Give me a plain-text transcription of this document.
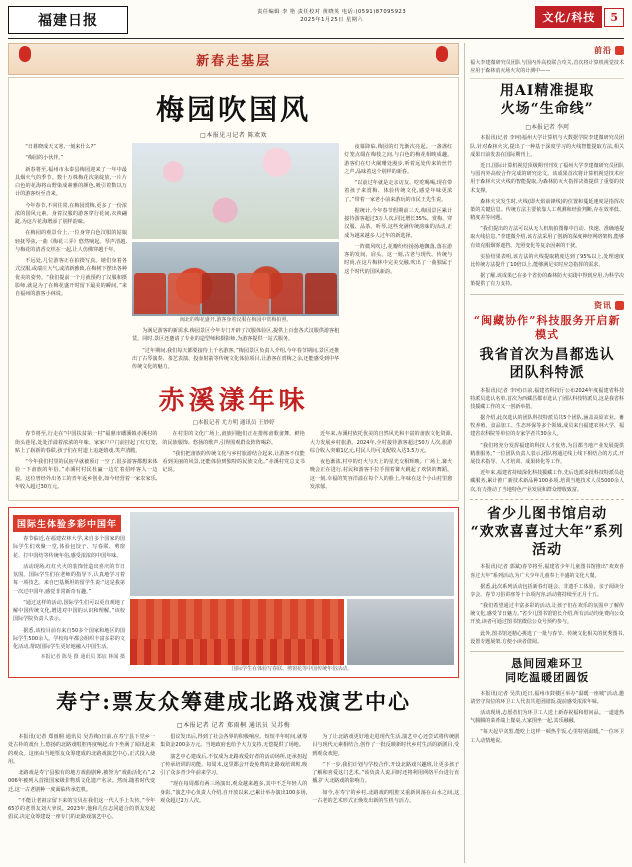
福建日报
责任编辑 李 艳 责任校对 黄晓英 电话:(0591)87095923
2025年1月25日 星期六	文化/科技	5
新春走基层
梅园吹国风
□本报见习记者 陈欢欢

“日暮晓成天又寒,一刻来什么?”

“梅园的小伙伴。”

新春将至,福州市永泰县梅园迎来了一年中最具烟火气的季节。数十万株梅花次第绽放,一片片白色的花海将山野染成素雅的颜色,吸引着数以万计的游客纷至沓来。

今年春节,不同往常,在梅园赏梅,更多了一份浓浓的国风元素。身着汉服的游客穿行花间,衣袂翩跹,为这片花海增添了别样韵味。

在梅园的观景台上,一位身穿白色汉服的姑娘轻抚琴弦,一曲《梅花三弄》悠然响起。琴声清越,与梅花的清香交织在一起,让人仿佛穿越千年。

不远处,几位游客正在拍摄写真。她们身着各式汉服,或端庄大气,或清新雅致,在梅树下摆出各种优美的姿势。“我们提前一个月就预约了汉服和摄影师,就是为了在梅花盛开时留下最美的瞬间。”来自福州的游客小林说。

闽北的梅花盛开,游客身着汉服在梅园中赏梅拍照。

为满足游客的新需求,梅园景区今年专门开辟了汉服体验区,提供上百套各式汉服供游客租赁。同时,景区还邀请了专业的造型师和摄影师,为游客提供一站式服务。

“过年期间,我们每天都要接待上千名游客。”梅园景区负责人介绍,今年春节期间,景区还推出了古琴演奏、茶艺表演、投壶射箭等传统文化体验项目,让游客在赏梅之余,还能感受到中华传统文化的魅力。

夜幕降临,梅园的灯光渐次亮起。一盏盏红灯笼点缀在梅枝之间,与白色的梅花相映成趣。游客们在灯火阑珊处漫步,听着远处传来的丝竹之声,品味着这个别样的新春。

“以前过年就是走亲访友、吃吃喝喝,现在带着孩子来赏梅、体验传统文化,感觉年味更浓了。”带着一家老小前来游玩的市民王先生说。

据统计,今年春节假期前三天,梅园景区累计接待游客超过3万人次,同比增长35%。赏梅、穿汉服、品茶、听琴,这些充满传统韵味的活动,正成为越来越多人过年的新选择。

一阵微风吹过,花瓣纷纷扬扬地飘落,落在游客的发间、肩头。这一刻,古老与现代、传统与时尚,在这片梅林中完美交融,吹出了一曲独属于这个时代的国风新韵。

赤溪漾年味
□本报记者 尤方明 通讯员 王妙婷

春节将至,行走在“中国扶贫第一村”福鼎市磻溪镇赤溪村的街头巷尾,处处洋溢着浓浓的年味。家家户户门前挂起了红灯笼,贴上了崭新的春联,孩子们在村道上追逐嬉戏,笑声清脆。

“今年我们村里的民宿早就被预订一空了,很多游客都想来体验一下畲族的年俗。”赤溪村村民杜赢一边忙着招呼客人一边说。这位曾经外出务工的青年返乡创业,如今经营着一家农家乐,年收入超过30万元。

在村里的文化广场上,畲族同胞们正在排练畲歌畲舞。鲜艳的民族服饰、悠扬的歌声,引得围观群众阵阵喝彩。

“我们把畲族的传统文化与乡村旅游结合起来,让游客不仅能看到美丽的风景,还能体验到独特的民族文化。”赤溪村党总支书记说。

近年来,赤溪村依托优美的自然风光和丰富的畲族文化资源,大力发展乡村旅游。2024年,全村接待游客超过50万人次,旅游综合收入突破1亿元,村民人均可支配收入达3.5万元。

夜色渐浓,村中的灯火与天上的星光交相辉映。广场上,篝火晚会正在进行,村民和游客手拉手围着篝火跳起了欢快的舞蹈。这一刻,幸福的笑容洋溢在每个人的脸上,年味在这个小山村里愈发浓郁。

国际生体验多彩中国年

春节临近,在福建农林大学,来自多个国家的国际学生们欢聚一堂,体验包饺子、写春联、剪窗花、打中国结等传统年俗,感受浓浓的中国年味。

活动现场,红红火火的装饰营造出喜庆的节日氛围。国际学生们在老师的指导下,认真地学习着每一项技艺。来自巴基斯坦的留学生说:“这是我第一次过中国年,感觉非常新奇有趣。”

“通过这样的活动,国际学生们可以更直观地了解中国传统文化,增进对中国的认识和理解。”该校国际学院负责人表示。

据悉,该校目前有来自50多个国家和地区的国际学生500余人。学校每年都会组织丰富多彩的文化活动,帮助国际学生更好地融入中国生活。

本报记者 陈旻 摄 通讯员 郑宸 林闻 摄
国际学生在体验写春联、剪窗花等中国传统年俗活动。
寿宁:票友众筹建成北路戏演艺中心
□本报记者 记者 郑雨桐 通讯员 吴苏梅

本报讯(记者 郑雨桐 通讯员 吴苏梅)日前,在寿宁县下党乡一处古朴的戏台上,悠扬的北路戏唱腔再度响起,台下坐满了闻讯赶来的观众。这座由当地票友众筹建成的北路戏演艺中心,正式投入使用。

北路戏是寿宁县独有的地方戏曲剧种,被誉为“戏曲活化石”,2006年被列入首批国家级非物质文化遗产名录。然而,随着时代变迁,这一古老剧种一度面临传承危机。

“不能让老祖宗留下来的宝贝在我们这一代人手上失传。”今年65岁的老票友刘大爷说。2023年,他和几位志同道合的票友发起倡议,决定众筹建设一座专门的北路戏演艺中心。

倡议发出后,得到了社会各界的积极响应。短短半年时间,就筹集资金200多万元。当地政府也给予大力支持,无偿提供了场地。

演艺中心建成后,不仅成为北路戏爱好者的活动场所,还承担起了传承培训的功能。每周末,这里都会开设免费的北路戏培训班,吸引了众多青少年前来学习。

“现在每周都有两三场演出,观众越来越多,其中不乏年轻人的身影。”演艺中心负责人介绍,自开放以来,已累计举办演出100多场,观众超过2万人次。

为了让北路戏更好地走进现代生活,演艺中心还尝试将传统剧目与现代元素相结合,创作了一批反映新时代乡村生活的新剧目,受到观众欢迎。

“下一步,我们计划与学校合作,开设北路戏兴趣班,让更多孩子了解和喜爱这门艺术。”该负责人说,同时还将利用网络平台进行直播,扩大北路戏的影响力。

如今,在寿宁的乡村,北路戏的唱腔又重新回荡在山水之间,这一古老的艺术形式正焕发出新的生机与活力。

前沿
福大李建微研究员团队与国内外高校联合攻关,首次将计算机视觉技术应用于森林消灭场火灾的计测中——
用AI精准提取
火场“生命线”
□本报记者 李珂

本报讯(记者 李珂)福州大学计算机与大数据学院李建微研究员团队,针对森林火灾,提出了一种基于深度学习的火线智能提取方法,相关成果日前发表在国际期刊上。

近日,国际计算机视觉顶级期刊刊发了福州大学李建微研究员团队与国内外高校合作完成的研究论文。该成果首次将计算机视觉技术应用于森林火灾火线的智能提取,为森林防灭火指挥决策提供了重要的技术支撑。

森林火灾发生时,火线(即火焰前锋线)的位置和蔓延速度是指挥决策的关键信息。传统方法主要依靠人工观测和经验判断,存在效率低、精度差等问题。

“我们提出的方法可以从无人机航拍图像中自动、快速、准确地提取火线信息。”李建微介绍,该方法采用了创新的深度神经网络架构,能够有效克服烟雾遮挡、光照变化等复杂因素的干扰。

实验结果表明,该方法的火线提取精度达到了95%以上,处理速度比传统方法提升了10倍以上,能够满足实时应急指挥的需求。

据了解,该成果已在多个省份的森林防火实践中得到应用,为科学决策提供了有力支持。

资讯
“闽藏协作”科技服务开启新模式
我省首次为昌都选认
团队科特派

本报讯(记者 李珂)日前,福建省科技厅公布2024年度福建省科技特派员选认名单,首次为西藏昌都市选认了团队科技特派员,这是我省科技援藏工作的又一创新举措。

据介绍,此次选认的团队科技特派员共5个团队,涵盖高原农业、畜牧养殖、食品加工、生态环保等多个领域,成员来自福建农林大学、福建省农科院等单位的专家学者共30余人。

“我们将充分发挥福建的科技人才优势,为昌都当地产业发展提供精准服务。”一位团队负责人表示,团队将通过线上线下相结合的方式,开展技术指导、人才培训、成果转化等工作。

近年来,福建省持续深化科技援藏工作,先后选派多批科技特派员赴藏服务,累计推广新技术新品种100多项,培训当地技术人员5000余人次,有力推动了当地特色产业发展和群众增收致富。

省少儿图书馆启动
“欢欢喜喜过大年”系列活动

本报讯(记者 郭斌)春节将至,福建省少年儿童图书馆推出“欢欢喜喜过大年”系列活动,为广大少年儿童奉上丰盛的文化大餐。

据悉,此次系列活动包括新春灯谜会、非遗手工体验、亲子阅读分享会、春节习俗讲座等十余项内容,活动将持续至正月十五。

“我们希望通过丰富多彩的活动,让孩子们在欢乐的氛围中了解传统文化,感受节日魅力。”省少儿图书馆馆长介绍,所有活动均免费向公众开放,读者可通过图书馆微信公众号预约参与。

此外,图书馆还精心挑选了一批与春节、传统文化相关的优秀图书,设置专题展架,方便小读者借阅。

恳间园难环卫
同吃温暖团圆饭

本报讯(记者 吴洪)近日,福州市鼓楼区举办“温暖一座城”活动,邀请坚守岗位的环卫工人代表共进团圆饭,提前感受浓浓年味。

活动现场,志愿者们为环卫工人送上新春祝福和慰问品。一道道热气腾腾的菜肴端上餐桌,大家围坐一起,其乐融融。

“每天起早贪黑,能吃上这样一顿热乎饭,心里特别温暖。”一位环卫工人动情地说。
